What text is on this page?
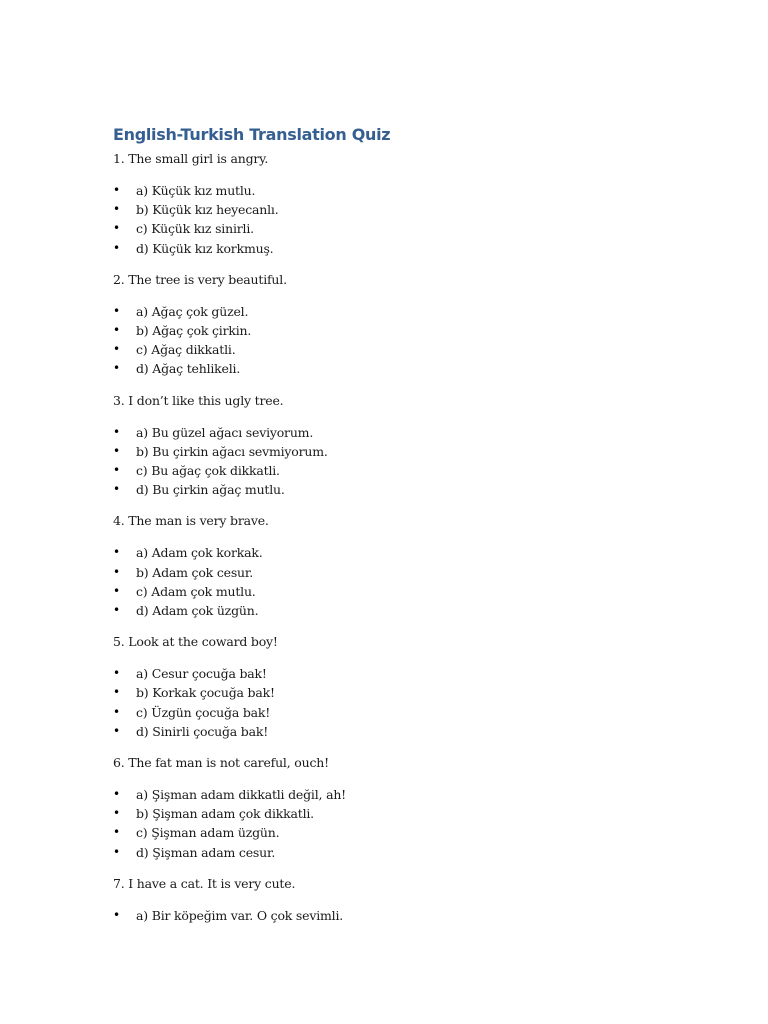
English-Turkish Translation Quiz

1. The small girl is angry.

• a) Küçük kız mutlu.
• b) Küçük kız heyecanlı.
• c) Küçük kız sinirli.
• d) Küçük kız korkmuş.

2. The tree is very beautiful.

• a) Ağaç çok güzel.
• b) Ağaç çok çirkin.
• c) Ağaç dikkatli.
• d) Ağaç tehlikeli.

3. I don’t like this ugly tree.

• a) Bu güzel ağacı seviyorum.
• b) Bu çirkin ağacı sevmiyorum.
• c) Bu ağaç çok dikkatli.
• d) Bu çirkin ağaç mutlu.

4. The man is very brave.

• a) Adam çok korkak.
• b) Adam çok cesur.
• c) Adam çok mutlu.
• d) Adam çok üzgün.

5. Look at the coward boy!

• a) Cesur çocuğa bak!
• b) Korkak çocuğa bak!
• c) Üzgün çocuğa bak!
• d) Sinirli çocuğa bak!

6. The fat man is not careful, ouch!

• a) Şişman adam dikkatli değil, ah!
• b) Şişman adam çok dikkatli.
• c) Şişman adam üzgün.
• d) Şişman adam cesur.

7. I have a cat. It is very cute.

• a) Bir köpeğim var. O çok sevimli.
